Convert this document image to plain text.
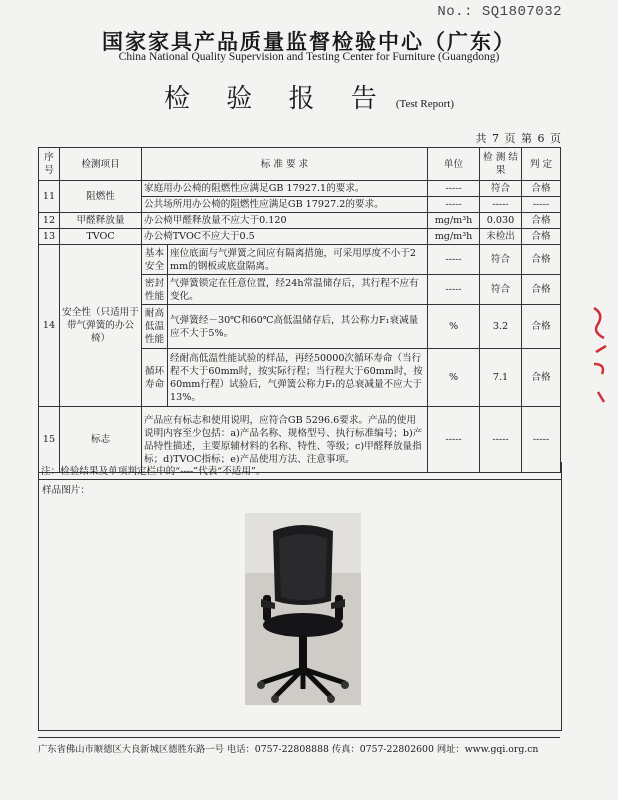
No.: SQ1807032
国家家具产品质量监督检验中心（广东）
China National Quality Supervision and Testing Center for Furniture (Guangdong)
检 验 报 告 (Test Report)
共 7 页 第 6 页
序号	检测项目	标 准 要 求		单位	检 测 结 果	判 定
11	阻燃性	家庭用办公椅的阻燃性应满足GB 17927.1的要求。		-----	符合	合格
		公共场所用办公椅的阻燃性应满足GB 17927.2的要求。		-----	-----	-----
12	甲醛释放量	办公椅甲醛释放量不应大于0.120		mg/m³h	0.030	合格
13	TVOC	办公椅TVOC不应大于0.5		mg/m³h	未检出	合格
14	安全性（只适用于带气弹簧的办公椅）	基本安全	座位底面与气弹簧之间应有隔离措施，可采用厚度不小于2mm的钢板或底盘隔离。	-----	符合	合格
		密封性能	气弹簧锁定在任意位置，经24h常温储存后，其行程不应有变化。	-----	符合	合格
		耐高低温性能	气弹簧经－30℃和60℃高低温储存后，其公称力F₁衰减量应不大于5%。	%	3.2	合格
		循环寿命	经耐高低温性能试验的样品，再经50000次循环寿命（当行程不大于60mm时，按实际行程；当行程大于60mm时，按60mm行程）试验后，气弹簧公称力F₁的总衰减量不应大于13%。	%	7.1	合格
15	标志	产品应有标志和使用说明，应符合GB 5296.6要求。产品的使用说明内容至少包括：a)产品名称、规格型号、执行标准编号；b)产品特性描述，主要原辅材料的名称、特性、等级；c)甲醛释放量指标；d)TVOC指标；e)产品使用方法、注意事项。		-----	-----	-----
注：检验结果及单项判定栏中的“----”代表“不适用”。
样品图片：
广东省佛山市顺德区大良新城区德胜东路一号 电话：0757-22808888 传真：0757-22802600 网址：www.gqi.org.cn
